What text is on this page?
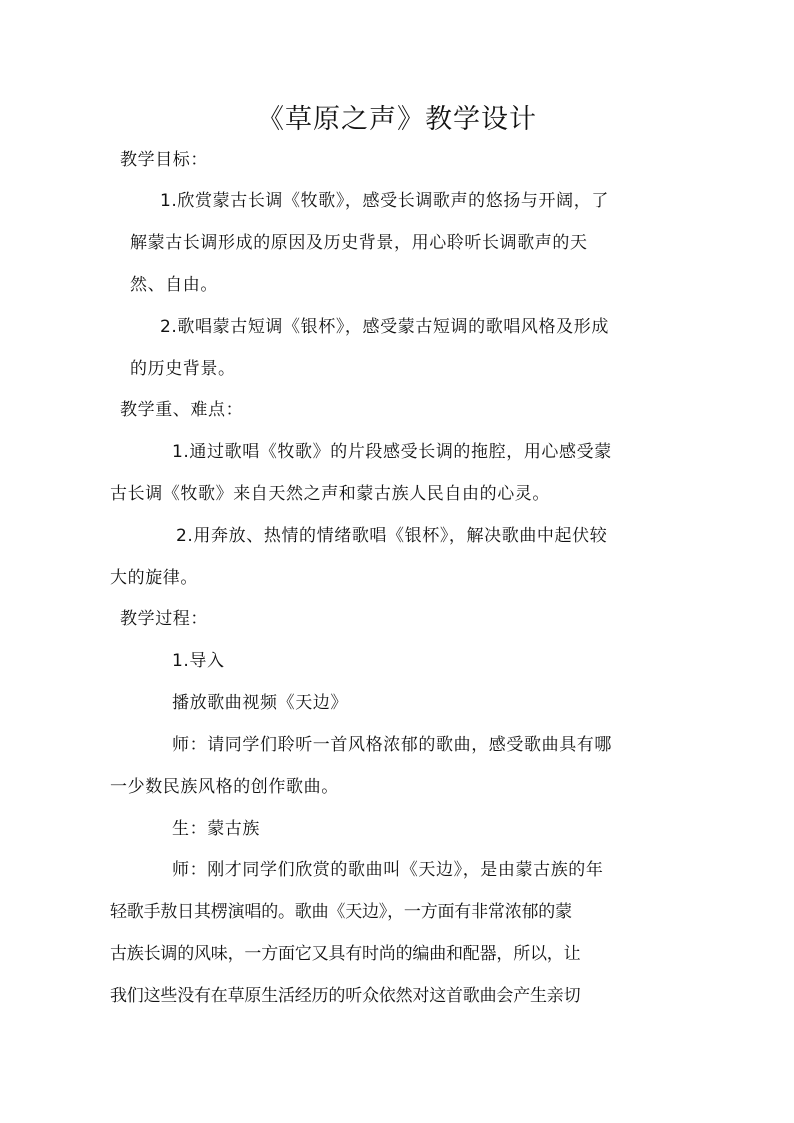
《草原之声》教学设计
教学目标：
1.欣赏蒙古长调《牧歌》，感受长调歌声的悠扬与开阔，了
解蒙古长调形成的原因及历史背景，用心聆听长调歌声的天
然、自由。
2.歌唱蒙古短调《银杯》，感受蒙古短调的歌唱风格及形成
的历史背景。
教学重、难点：
1.通过歌唱《牧歌》的片段感受长调的拖腔，用心感受蒙
古长调《牧歌》来自天然之声和蒙古族人民自由的心灵。
2.用奔放、热情的情绪歌唱《银杯》，解决歌曲中起伏较
大的旋律。
教学过程：
1.导入
播放歌曲视频《天边》
师：请同学们聆听一首风格浓郁的歌曲，感受歌曲具有哪
一少数民族风格的创作歌曲。
生：蒙古族
师：刚才同学们欣赏的歌曲叫《天边》，是由蒙古族的年
轻歌手敖日其楞演唱的。歌曲《天边》，一方面有非常浓郁的蒙
古族长调的风味，一方面它又具有时尚的编曲和配器，所以，让
我们这些没有在草原生活经历的听众依然对这首歌曲会产生亲切
